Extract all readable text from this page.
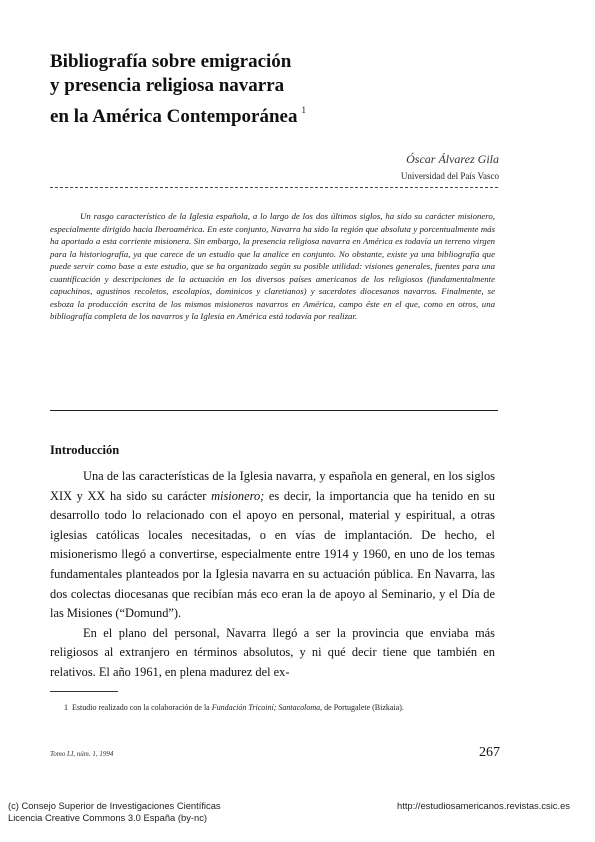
Bibliografía sobre emigración
y presencia religiosa navarra
en la América Contemporánea $^1$
Óscar Álvarez Gila
Universidad del País Vasco

Un rasgo característico de la Iglesia española, a lo largo de los dos últimos siglos, ha sido su carácter misionero, especialmente dirigido hacia Iberoamérica. En este conjunto, Navarra ha sido la región que absoluta y porcentualmente más ha aportado a esta corriente misionera. Sin embargo, la presencia religiosa navarra en América es todavía un terreno virgen para la historiografía, ya que carece de un estudio que la analice en conjunto. No obstante, existe ya una bibliografía que puede servir como base a este estudio, que se ha organizado según su posible utilidad: visiones generales, fuentes para una cuantificación y descripciones de la actuación en los diversos países americanos de los religiosos (fundamentalmente capuchinos, agustinos recoletos, escolapios, dominicos y claretianos) y sacerdotes diocesanos navarros. Finalmente, se esboza la producción escrita de los mismos misioneros navarros en América, campo éste en el que, como en otros, una bibliografía completa de los navarros y la Iglesia en América está todavía por realizar.

Introducción

Una de las características de la Iglesia navarra, y española en general, en los siglos XIX y XX ha sido su carácter misionero; es decir, la importancia que ha tenido en su desarrollo todo lo relacionado con el apoyo en personal, material y espiritual, a otras iglesias católicas locales necesitadas, o en vías de implantación. De hecho, el misionerismo llegó a convertirse, especialmente entre 1914 y 1960, en uno de los temas fundamentales planteados por la Iglesia navarra en su actuación pública. En Navarra, las dos colectas diocesanas que recibían más eco eran la de apoyo al Seminario, y el Día de las Misiones (“Domund”).

En el plano del personal, Navarra llegó a ser la provincia que enviaba más religiosos al extranjero en términos absolutos, y ni qué decir tiene que también en relativos. El año 1961, en plena madurez del ex-

1 Estudio realizado con la colaboración de la Fundación Tricoiní; Santacoloma, de Portugalete (Bizkaia).

Tomo LI, núm. 1, 1994	267
(c) Consejo Superior de Investigaciones Científicas
Licencia Creative Commons 3.0 España (by-nc)
http://estudiosamericanos.revistas.csic.es
